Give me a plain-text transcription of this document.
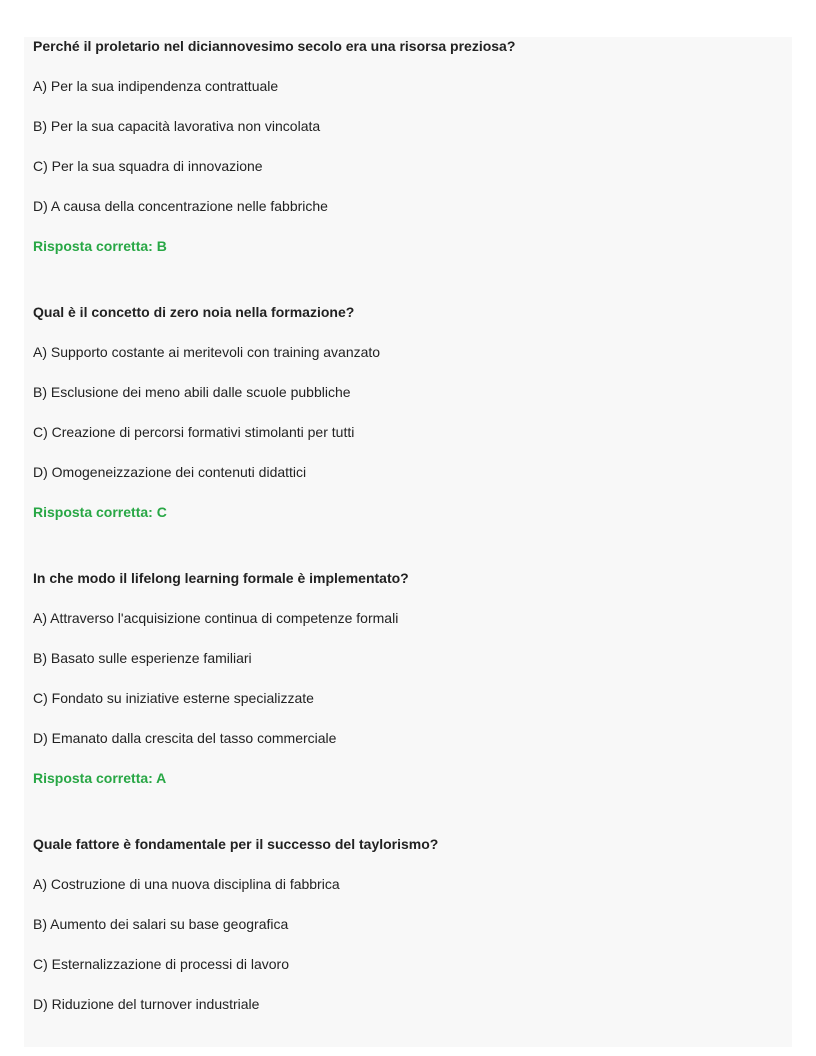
Perché il proletario nel diciannovesimo secolo era una risorsa preziosa?
A) Per la sua indipendenza contrattuale
B) Per la sua capacità lavorativa non vincolata
C) Per la sua squadra di innovazione
D) A causa della concentrazione nelle fabbriche
Risposta corretta: B
Qual è il concetto di zero noia nella formazione?
A) Supporto costante ai meritevoli con training avanzato
B) Esclusione dei meno abili dalle scuole pubbliche
C) Creazione di percorsi formativi stimolanti per tutti
D) Omogeneizzazione dei contenuti didattici
Risposta corretta: C
In che modo il lifelong learning formale è implementato?
A) Attraverso l'acquisizione continua di competenze formali
B) Basato sulle esperienze familiari
C) Fondato su iniziative esterne specializzate
D) Emanato dalla crescita del tasso commerciale
Risposta corretta: A
Quale fattore è fondamentale per il successo del taylorismo?
A) Costruzione di una nuova disciplina di fabbrica
B) Aumento dei salari su base geografica
C) Esternalizzazione di processi di lavoro
D) Riduzione del turnover industriale
